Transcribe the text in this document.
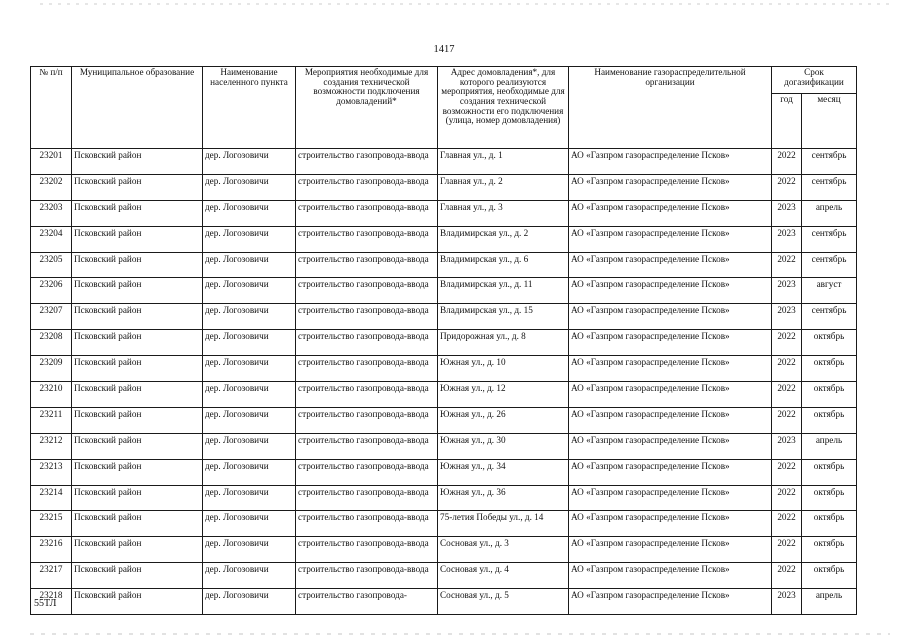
1417
№ п/п	Муниципальное образование	Наименование населенного пункта	Мероприятия необходимые для создания технической возможности подключения домовладений*	Адрес домовладения*, для которого реализуются мероприятия, необходимые для создания технической возможности его подключения (улица, номер домовладения)	Наименование газораспределительной организации	Срок догазификации	
						год	месяц
23201	Псковский район	дер. Логозовичи	строительство газопровода-ввода	Главная ул., д. 1	АО «Газпром газораспределение Псков»	2022	сентябрь
23202	Псковский район	дер. Логозовичи	строительство газопровода-ввода	Главная ул., д. 2	АО «Газпром газораспределение Псков»	2022	сентябрь
23203	Псковский район	дер. Логозовичи	строительство газопровода-ввода	Главная ул., д. 3	АО «Газпром газораспределение Псков»	2023	апрель
23204	Псковский район	дер. Логозовичи	строительство газопровода-ввода	Владимирская ул., д. 2	АО «Газпром газораспределение Псков»	2023	сентябрь
23205	Псковский район	дер. Логозовичи	строительство газопровода-ввода	Владимирская ул., д. 6	АО «Газпром газораспределение Псков»	2022	сентябрь
23206	Псковский район	дер. Логозовичи	строительство газопровода-ввода	Владимирская ул., д. 11	АО «Газпром газораспределение Псков»	2023	август
23207	Псковский район	дер. Логозовичи	строительство газопровода-ввода	Владимирская ул., д. 15	АО «Газпром газораспределение Псков»	2023	сентябрь
23208	Псковский район	дер. Логозовичи	строительство газопровода-ввода	Придорожная ул., д. 8	АО «Газпром газораспределение Псков»	2022	октябрь
23209	Псковский район	дер. Логозовичи	строительство газопровода-ввода	Южная ул., д. 10	АО «Газпром газораспределение Псков»	2022	октябрь
23210	Псковский район	дер. Логозовичи	строительство газопровода-ввода	Южная ул., д. 12	АО «Газпром газораспределение Псков»	2022	октябрь
23211	Псковский район	дер. Логозовичи	строительство газопровода-ввода	Южная ул., д. 26	АО «Газпром газораспределение Псков»	2022	октябрь
23212	Псковский район	дер. Логозовичи	строительство газопровода-ввода	Южная ул., д. 30	АО «Газпром газораспределение Псков»	2023	апрель
23213	Псковский район	дер. Логозовичи	строительство газопровода-ввода	Южная ул., д. 34	АО «Газпром газораспределение Псков»	2022	октябрь
23214	Псковский район	дер. Логозовичи	строительство газопровода-ввода	Южная ул., д. 36	АО «Газпром газораспределение Псков»	2022	октябрь
23215	Псковский район	дер. Логозовичи	строительство газопровода-ввода	75-летия Победы ул., д. 14	АО «Газпром газораспределение Псков»	2022	октябрь
23216	Псковский район	дер. Логозовичи	строительство газопровода-ввода	Сосновая ул., д. 3	АО «Газпром газораспределение Псков»	2022	октябрь
23217	Псковский район	дер. Логозовичи	строительство газопровода-ввода	Сосновая ул., д. 4	АО «Газпром газораспределение Псков»	2022	октябрь
23218	Псковский район	дер. Логозовичи	строительство газопровода-	Сосновая ул., д. 5	АО «Газпром газораспределение Псков»	2023	апрель
55ТЛ
